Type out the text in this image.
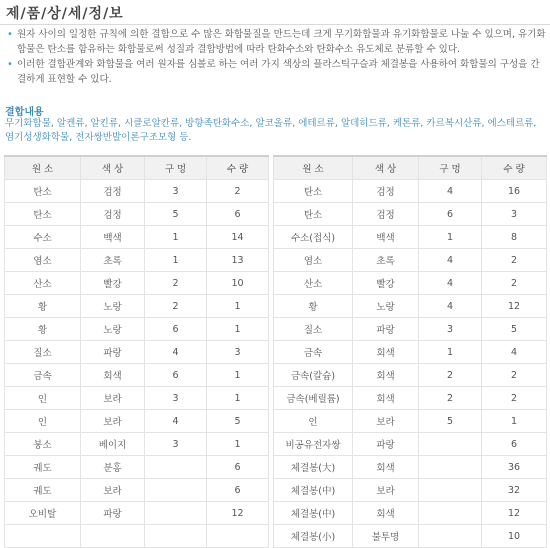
제/품/상/세/정/보
• 원자 사이의 일정한 규칙에 의한 결합으로 수 많은 화합물질을 만드는데 크게 무기화합물과 유기화합물로 나눌 수 있으며, 유기화합물은 탄소를 함유하는 화합물로써 성질과 결합방법에 따라 탄화수소와 탄화수소 유도체로 분류할 수 있다.
• 이러한 결합관계와 화합물을 여러 원자를 심볼로 하는 여러 가지 색상의 플라스틱구슬과 체결봉을 사용하여 화합물의 구성을 간결하게 표현할 수 있다.
결합내용
무기화합물, 알켄류, 알킨류, 시클로알칸류, 방향족탄화수소, 알코올류, 에테르류, 알데히드류, 케톤류, 카르복시산류, 에스테르류, 염기성생화학물, 전자쌍반발이론구조모형 등.
원 소	색 상	구 멍	수 량
탄소	검정	3	2
탄소	검정	5	6
수소	백색	1	14
염소	초록	1	13
산소	빨강	2	10
황	노랑	2	1
황	노랑	6	1
질소	파랑	4	3
금속	회색	6	1
인	보라	3	1
인	보라	4	5
붕소	베이지	3	1
궤도	분홍		6
궤도	보라		6
오비탈	파랑		12

원 소	색 상	구 멍	수 량
탄소	검정	4	16
탄소	검정	6	3
수소(접식)	백색	1	8
염소	초록	4	2
산소	빨강	4	2
황	노랑	4	12
질소	파랑	3	5
금속	회색	1	4
금속(칼슘)	회색	2	2
금속(베릴륨)	회색	2	2
인	보라	5	1
비공유전자쌍	파랑		6
체결봉(大)	회색		36
체결봉(中)	보라		32
체결봉(中)	회색		12
체결봉(小)	불투명		10
